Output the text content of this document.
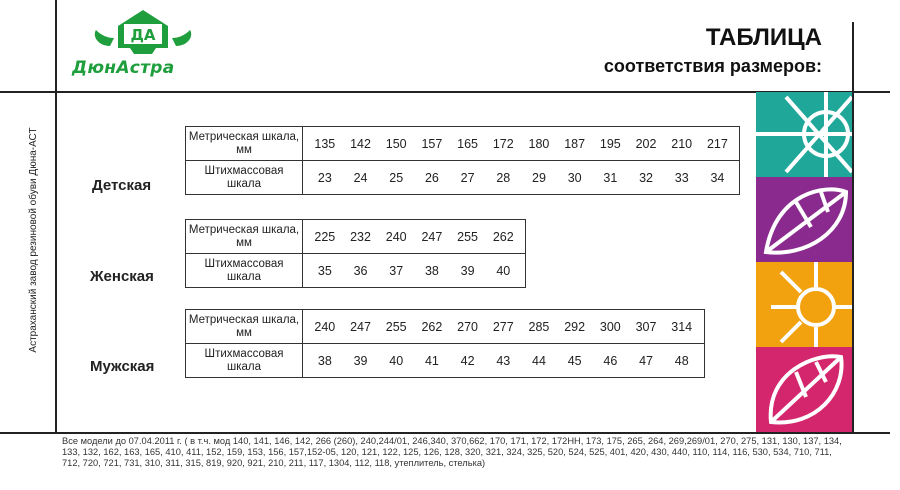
Астраханский завод резиновой обуви Дюна-АСТ
ДА
ДюнАстра
ТАБЛИЦА
соответствия размеров:
Детская
Метрическая шкала, мм	135 142 150 157 165 172 180 187 195 202 210 217
Штихмассовая шкала	23 24 25 26 27 28 29 30 31 32 33 34
Женская
Метрическая шкала, мм	225 232 240 247 255 262
Штихмассовая шкала	35 36 37 38 39 40
Мужская
Метрическая шкала, мм	240 247 255 262 270 277 285 292 300 307 314
Штихмассовая шкала	38 39 40 41 42 43 44 45 46 47 48
Все модели до 07.04.2011 г. ( в т.ч. мод 140, 141, 146, 142, 266 (260), 240,244/01, 246,340, 370,662, 170, 171, 172, 172НН, 173, 175, 265, 264, 269,269/01, 270, 275, 131, 130, 137, 134, 133, 132, 162, 163, 165, 410, 411, 152, 159, 153, 156, 157,152-05, 120, 121, 122, 125, 126, 128, 320, 321, 324, 325, 520, 524, 525, 401, 420, 430, 440, 110, 114, 116, 530, 534, 710, 711, 712, 720, 721, 731, 310, 311, 315, 819, 920, 921, 210, 211, 117, 1304, 112, 118, утеплитель, стелька)
